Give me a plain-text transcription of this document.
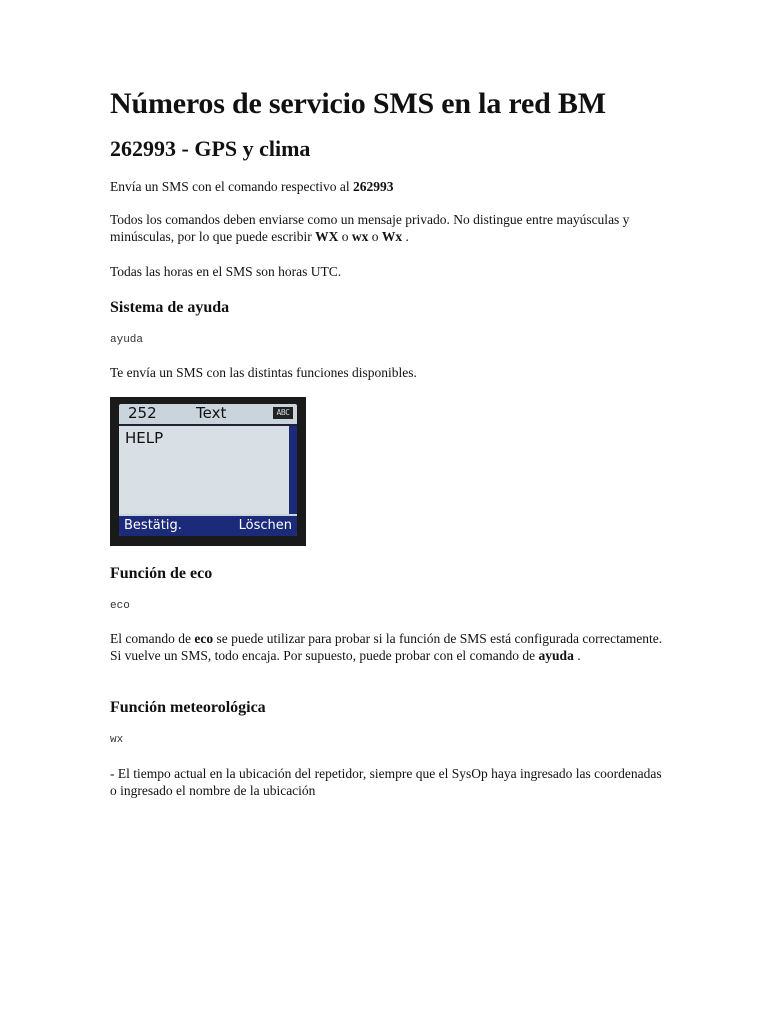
Números de servicio SMS en la red BM
262993 - GPS y clima

Envía un SMS con el comando respectivo al 262993

Todos los comandos deben enviarse como un mensaje privado. No distingue entre mayúsculas y minúsculas, por lo que puede escribir WX o wx o Wx .

Todas las horas en el SMS son horas UTC.

Sistema de ayuda
ayuda

Te envía un SMS con las distintas funciones disponibles.

252	Text	ABC
HELP
Bestätig.	Löschen
Función de eco
eco

El comando de eco se puede utilizar para probar si la función de SMS está configurada correctamente. Si vuelve un SMS, todo encaja. Por supuesto, puede probar con el comando de ayuda .

Función meteorológica
wx

- El tiempo actual en la ubicación del repetidor, siempre que el SysOp haya ingresado las coordenadas o ingresado el nombre de la ubicación
